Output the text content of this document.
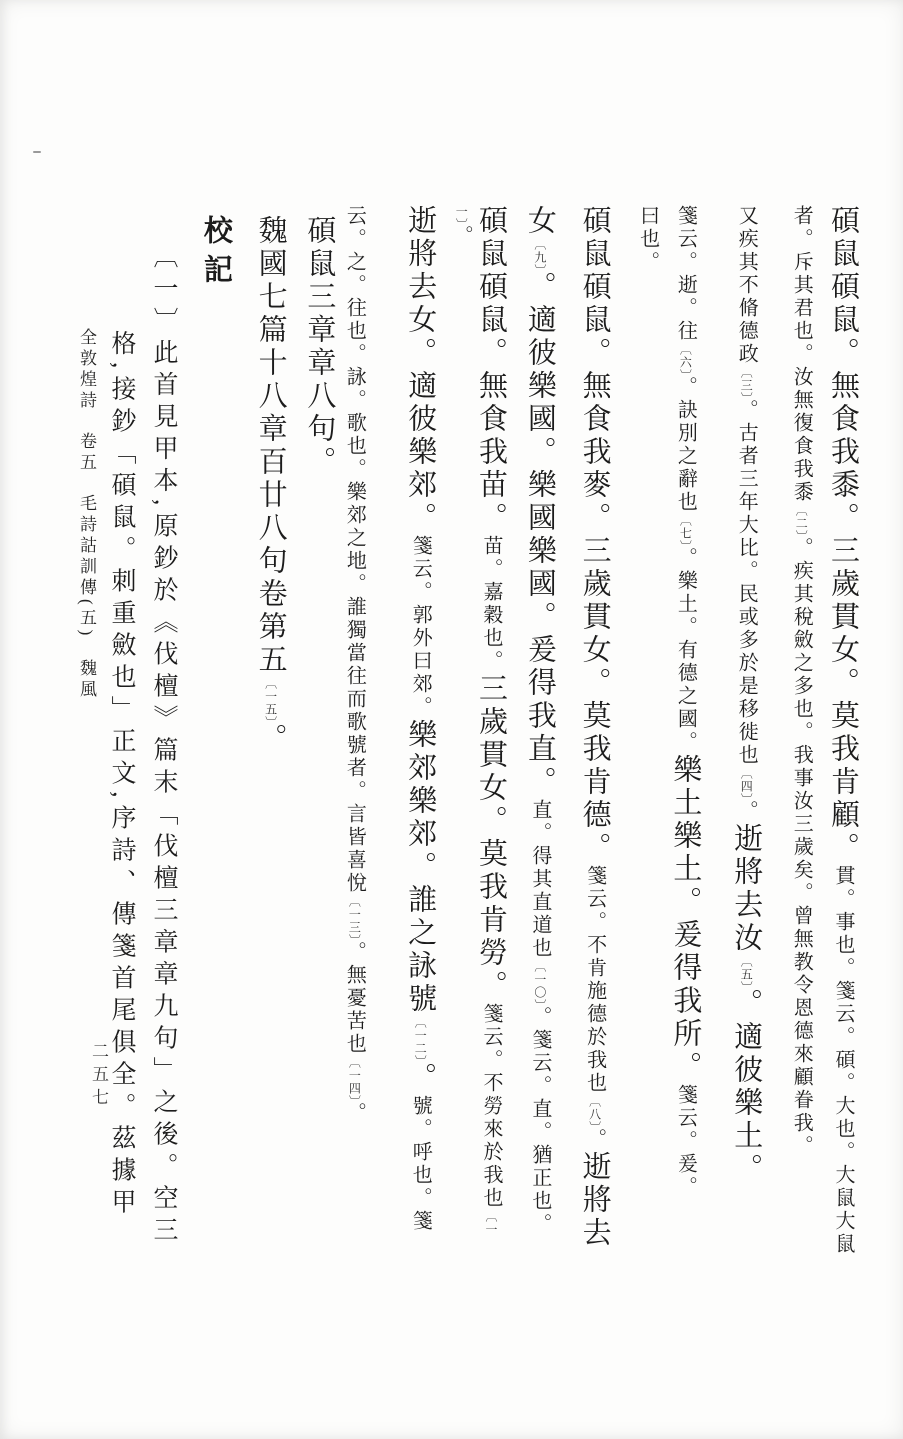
碩鼠碩鼠。無食我黍。三歲貫女。莫我肯顧。貫。事也。箋云。碩。大也。大鼠大鼠
者。斥其君也。汝無復食我黍〔二〕。疾其稅斂之多也。我事汝三歲矣。曾無教令恩德來顧眷我。
又疾其不脩德政〔三〕。古者三年大比。民或多於是移徙也〔四〕。逝將去汝〔五〕。適彼樂土。
箋云。逝。往〔六〕。訣別之辭也〔七〕。樂土。有德之國。樂土樂土。爰得我所。箋云。爰。
曰也。
碩鼠碩鼠。無食我麥。三歲貫女。莫我肯德。箋云。不肯施德於我也〔八〕。逝將去
女〔九〕。適彼樂國。樂國樂國。爰得我直。直。得其直道也〔一〇〕。箋云。直。猶正也。
碩鼠碩鼠。無食我苗。苗。嘉穀也。三歲貫女。莫我肯勞。箋云。不勞來於我也〔一一〕。
逝將去女。適彼樂郊。箋云。郭外曰郊。樂郊樂郊。誰之詠號〔一二〕。號。呼也。箋
云。之。往也。詠。歌也。樂郊之地。誰獨當往而歌號者。言皆喜悅〔一三〕。無憂苦也〔一四〕。
碩鼠三章章八句。
魏國七篇十八章百廿八句卷第五〔一五〕。
校記
〔一〕此首見甲本,原鈔於《伐檀》篇末「伐檀三章章九句」之後。空三
格,接鈔「碩鼠。刺重斂也」正文,序詩、傳箋首尾俱全。茲據甲
全敦煌詩卷五毛詩詁訓傳(五)魏風
二五七
